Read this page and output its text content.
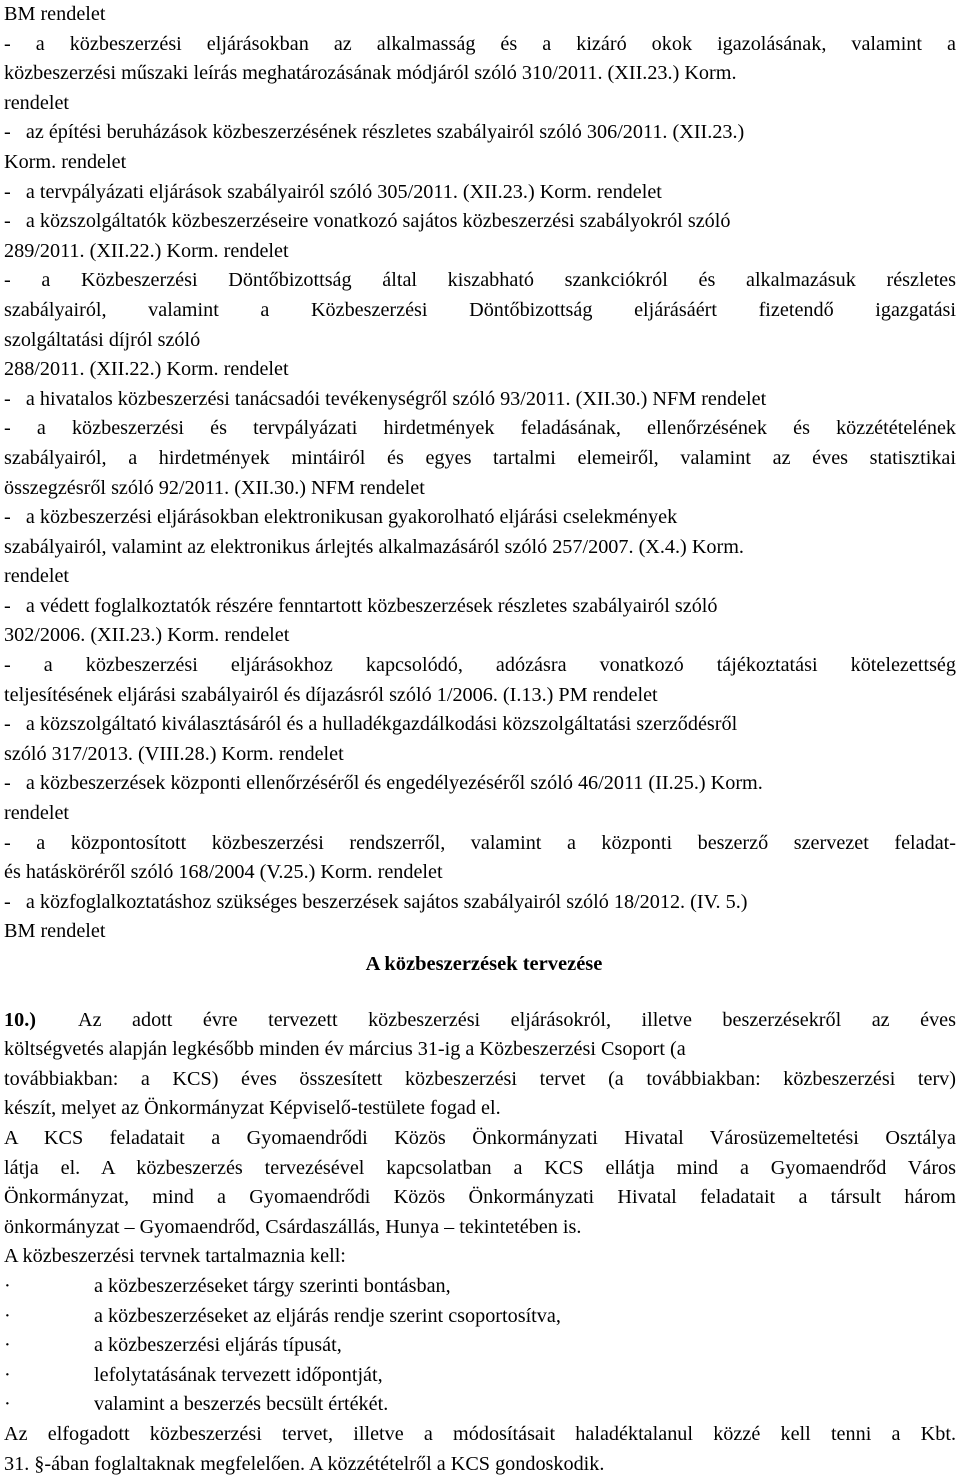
BM rendelet
- a közbeszerzési eljárásokban az alkalmasság és a kizáró okok igazolásának, valamint a
közbeszerzési műszaki leírás meghatározásának módjáról szóló 310/2011. (XII.23.) Korm.
rendelet
-   az építési beruházások közbeszerzésének részletes szabályairól szóló 306/2011. (XII.23.)
Korm. rendelet
-   a tervpályázati eljárások szabályairól szóló 305/2011. (XII.23.) Korm. rendelet
-   a közszolgáltatók közbeszerzéseire vonatkozó sajátos közbeszerzési szabályokról szóló
289/2011. (XII.22.) Korm. rendelet
- a Közbeszerzési Döntőbizottság által kiszabható szankciókról és alkalmazásuk részletes
szabályairól, valamint a Közbeszerzési Döntőbizottság eljárásáért fizetendő igazgatási
szolgáltatási díjról szóló
288/2011. (XII.22.) Korm. rendelet
-   a hivatalos közbeszerzési tanácsadói tevékenységről szóló 93/2011. (XII.30.) NFM rendelet
- a közbeszerzési és tervpályázati hirdetmények feladásának, ellenőrzésének és közzétételének
szabályairól, a hirdetmények mintáiról és egyes tartalmi elemeiről, valamint az éves statisztikai
összegzésről szóló 92/2011. (XII.30.) NFM rendelet
-   a közbeszerzési eljárásokban elektronikusan gyakorolható eljárási cselekmények
szabályairól, valamint az elektronikus árlejtés alkalmazásáról szóló 257/2007. (X.4.) Korm.
rendelet
-   a védett foglalkoztatók részére fenntartott közbeszerzések részletes szabályairól szóló
302/2006. (XII.23.) Korm. rendelet
- a közbeszerzési eljárásokhoz kapcsolódó, adózásra vonatkozó tájékoztatási kötelezettség
teljesítésének eljárási szabályairól és díjazásról szóló 1/2006. (I.13.) PM rendelet
-   a közszolgáltató kiválasztásáról és a hulladékgazdálkodási közszolgáltatási szerződésről
szóló 317/2013. (VIII.28.) Korm. rendelet
-   a közbeszerzések központi ellenőrzéséről és engedélyezéséről szóló 46/2011 (II.25.) Korm.
rendelet
- a központosított közbeszerzési rendszerről, valamint a központi beszerző szervezet feladat-
és hatásköréről szóló 168/2004 (V.25.) Korm. rendelet
-   a közfoglalkoztatáshoz szükséges beszerzések sajátos szabályairól szóló 18/2012. (IV. 5.)
BM rendelet
A közbeszerzések tervezése
10.)	Az adott évre tervezett közbeszerzési eljárásokról, illetve beszerzésekről az éves
költségvetés alapján legkésőbb minden év március 31-ig a Közbeszerzési Csoport (a
továbbiakban: a KCS) éves összesített közbeszerzési tervet (a továbbiakban: közbeszerzési terv)
készít, melyet az Önkormányzat Képviselő-testülete fogad el.
A KCS feladatait a Gyomaendrődi Közös Önkormányzati Hivatal Városüzemeltetési Osztálya
látja el. A közbeszerzés tervezésével kapcsolatban a KCS ellátja mind a Gyomaendrőd Város
Önkormányzat, mind a Gyomaendrődi Közös Önkormányzati Hivatal feladatait a társult három
önkormányzat – Gyomaendrőd, Csárdaszállás, Hunya – tekintetében is.
A közbeszerzési tervnek tartalmaznia kell:
·	a közbeszerzéseket tárgy szerinti bontásban,
·	a közbeszerzéseket az eljárás rendje szerint csoportosítva,
·	a közbeszerzési eljárás típusát,
·	lefolytatásának tervezett időpontját,
·	valamint a beszerzés becsült értékét.
Az elfogadott közbeszerzési tervet, illetve a módosításait haladéktalanul közzé kell tenni a Kbt.
31. §-ában foglaltaknak megfelelően. A közzétételről a KCS gondoskodik.
